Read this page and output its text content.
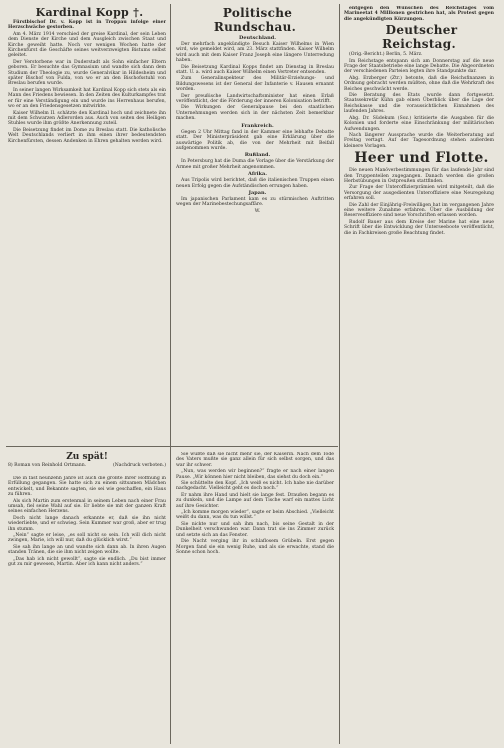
Kardinal Kopp †.

Fürstbischof Dr. v. Kopp ist in Troppau infolge einer Herzschwäche gestorben.

Am 4. März 1914 verschied der greise Kardinal, der sein Leben dem Dienste der Kirche und dem Ausgleich zwischen Staat und Kirche geweiht hatte. Noch vor wenigen Wochen hatte der Kirchenfürst die Geschäfte seines weitverzweigten Bistums selbst geleitet.

Der Verstorbene war in Duderstadt als Sohn einfacher Eltern geboren. Er besuchte das Gymnasium und wandte sich dann dem Studium der Theologie zu, wurde Generalvikar in Hildesheim und später Bischof von Fulda, von wo er an den Bischofsstuhl von Breslau berufen wurde.

In seiner langen Wirksamkeit hat Kardinal Kopp sich stets als ein Mann des Friedens bewiesen. In den Zeiten des Kulturkampfes trat er für eine Verständigung ein und wurde ins Herrenhaus berufen, wo er an den Friedensgesetzen mitwirkte.

Kaiser Wilhelm II. schätzte den Kardinal hoch und zeichnete ihn mit dem Schwarzen Adlerorden aus. Auch von seiten des Heiligen Stuhles wurde ihm größte Anerkennung zuteil.

Die Beisetzung findet im Dome zu Breslau statt. Die katholische Welt Deutschlands verliert in ihm einen ihrer bedeutendsten Kirchenfürsten, dessen Andenken in Ehren gehalten werden wird.

Politische Rundschau.

Deutschland.

Der mehrfach angekündigte Besuch Kaiser Wilhelms in Wien wird, wie gemeldet wird, am 23. März stattfinden. Kaiser Wilhelm wird auch mit dem Kaiser Franz Joseph eine längere Unterredung haben.

Die Beisetzung Kardinal Kopps findet am Dienstag in Breslau statt. U. a. wird auch Kaiser Wilhelm einen Vertreter entsenden.

Zum Generalinspekteur des Militär-Erziehungs- und Bildungswesens ist der General der Infanterie v. Hausen ernannt worden.

Der preußische Landwirtschaftsminister hat einen Erlaß veröffentlicht, der die Förderung der inneren Kolonisation betrifft.

Die Wirkungen der Generalpause bei den staatlichen Unternehmungen werden sich in der nächsten Zeit bemerkbar machen.

Frankreich.

Gegen 2 Uhr Mittag fand in der Kammer eine lebhafte Debatte statt. Der Ministerpräsident gab eine Erklärung über die auswärtige Politik ab, die von der Mehrheit mit Beifall aufgenommen wurde.

Rußland.

In Petersburg hat die Duma die Vorlage über die Verstärkung der Armee mit großer Mehrheit angenommen.

Afrika.

Aus Tripolis wird berichtet, daß die italienischen Truppen einen neuen Erfolg gegen die Aufständischen errungen haben.

Japan.

Im japanischen Parlament kam es zu stürmischen Auftritten wegen der Marinebestechungsaffäre.

W.

entgegen den Wünschen des Reichstages vom Marineetat 4 Millionen gestrichen hat, als Protest gegen die angekündigten Kürzungen.

Deutscher Reichstag.

(Orig.-Bericht.) Berlin, 5. März.

Im Reichstage entspann sich am Donnerstag auf die neue Frage der Staatsbetriebe eine lange Debatte. Die Abgeordneten der verschiedenen Parteien legten ihre Standpunkte dar.

Abg. Erzberger (Ztr.) betonte, daß die Reichsfinanzen in Ordnung gebracht werden müßten, ohne daß die Wehrkraft des Reiches geschwächt werde.

Die Beratung des Etats wurde dann fortgesetzt. Staatssekretär Kühn gab einen Überblick über die Lage der Reichskasse und die voraussichtlichen Einnahmen des laufenden Jahres.

Abg. Dr. Südekum (Soz.) kritisierte die Ausgaben für die Kolonien und forderte eine Einschränkung der militärischen Aufwendungen.

Nach längerer Aussprache wurde die Weiterberatung auf Freitag vertagt. Auf der Tagesordnung stehen außerdem kleinere Vorlagen.

Heer und Flotte.

Die neuen Manöverbestimmungen für das laufende Jahr sind den Truppenteilen zugegangen. Danach werden die großen Herbstübungen in Ostpreußen stattfinden.

Zur Frage der Unteroffizierprämien wird mitgeteilt, daß die Versorgung der ausgedienten Unteroffiziere eine Neuregelung erfahren soll.

Die Zahl der Einjährig-Freiwilligen hat im vergangenen Jahre eine weitere Zunahme erfahren. Über die Ausbildung der Reserveoffiziere sind neue Vorschriften erlassen worden.

Rudolf Bauer aus dem Kreise der Marine hat eine neue Schrift über die Entwicklung der Unterseeboote veröffentlicht, die in Fachkreisen große Beachtung findet.

Zu spät!
8) Roman von Reinhold Ortmann.	(Nachdruck verboten.)

Die in fast neunzehn Jahre ist auch die größte Ihrer Hoffnung in Erfüllung gegangen. Sie hatte sich zu einem sittsamen Mädchen entwickelt, und Bekannte sagten, sie sei wie geschaffen, ein Haus zu führen.

Als sich Martin zum erstenmal in seinem Leben nach einer Frau umsah, fiel seine Wahl auf sie. Er liebte sie mit der ganzen Kraft seines einfachen Herzens.

Doch nicht lange danach erkannte er, daß sie ihn nicht wiederliebte, und er schwieg. Sein Kummer war groß, aber er trug ihn stumm.

„Nein“ sagte er leise, „es soll nicht so sein. Ich will dich nicht zwingen, Marie, ich will nur, daß du glücklich wirst.“

Sie sah ihn lange an und wandte sich dann ab. In ihren Augen standen Tränen, die sie ihm nicht zeigen wollte.

„Das hab ich nicht gewollt“, sagte sie endlich. „Du bist immer gut zu mir gewesen, Martin. Aber ich kann nicht anders.“

Sie wußte daß sie nicht mehr sie, der Kaiserin. Nach dem Tode des Vaters mußte sie ganz allein für sich selbst sorgen, und das war ihr schwer.

„Nun, was werden wir beginnen?“ fragte er nach einer langen Pause. „Wir können hier nicht bleiben, das siehst du doch ein.“

Sie schüttelte den Kopf. „Ich weiß es nicht. Ich habe nie darüber nachgedacht. Vielleicht geht es doch noch.“

Er nahm ihre Hand und hielt sie lange fest. Draußen begann es zu dunkeln, und die Lampe auf dem Tische warf ein mattes Licht auf ihre Gesichter.

„Ich komme morgen wieder“, sagte er beim Abschied. „Vielleicht weißt du dann, was du tun willst.“

Sie nickte nur und sah ihm nach, bis seine Gestalt in der Dunkelheit verschwunden war. Dann trat sie ins Zimmer zurück und setzte sich an das Fenster.

Die Nacht verging ihr in schlaflosem Grübeln. Erst gegen Morgen fand sie ein wenig Ruhe, und als sie erwachte, stand die Sonne schon hoch.
